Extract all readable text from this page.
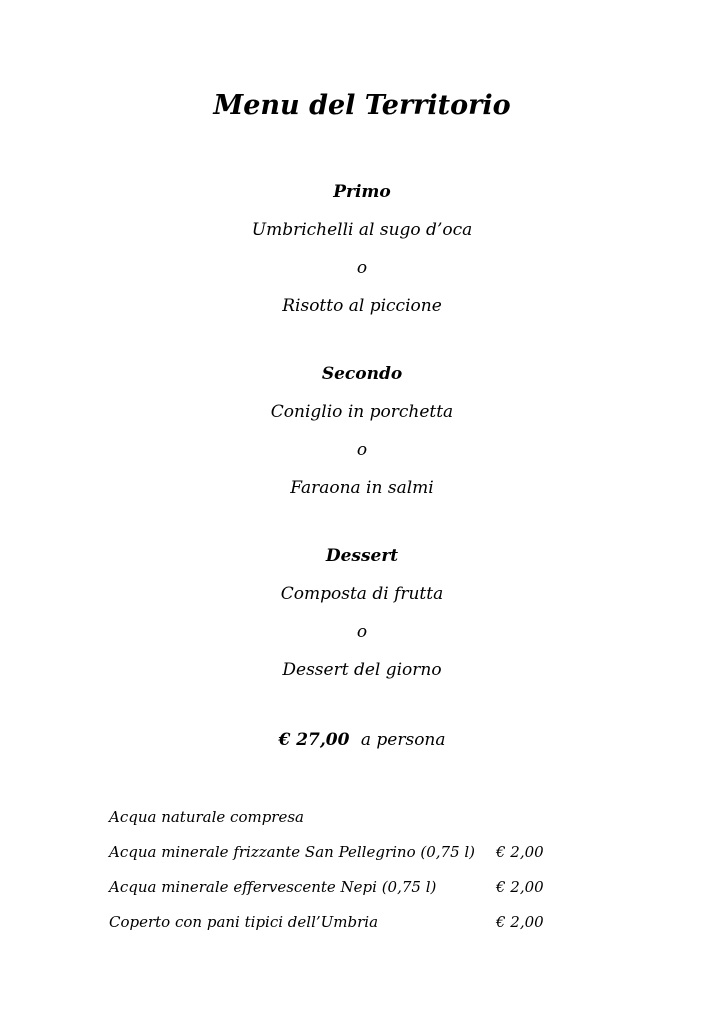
Menu del Territorio
Primo
Umbrichelli al sugo d’oca
o
Risotto al piccione
Secondo
Coniglio in porchetta
o
Faraona in salmi
Dessert
Composta di frutta
o
Dessert del giorno
€ 27,00 a persona
Acqua naturale compresa
Acqua minerale frizzante San Pellegrino (0,75 l) € 2,00
Acqua minerale effervescente Nepi (0,75 l)	€ 2,00
Coperto con pani tipici dell’Umbria	€ 2,00
